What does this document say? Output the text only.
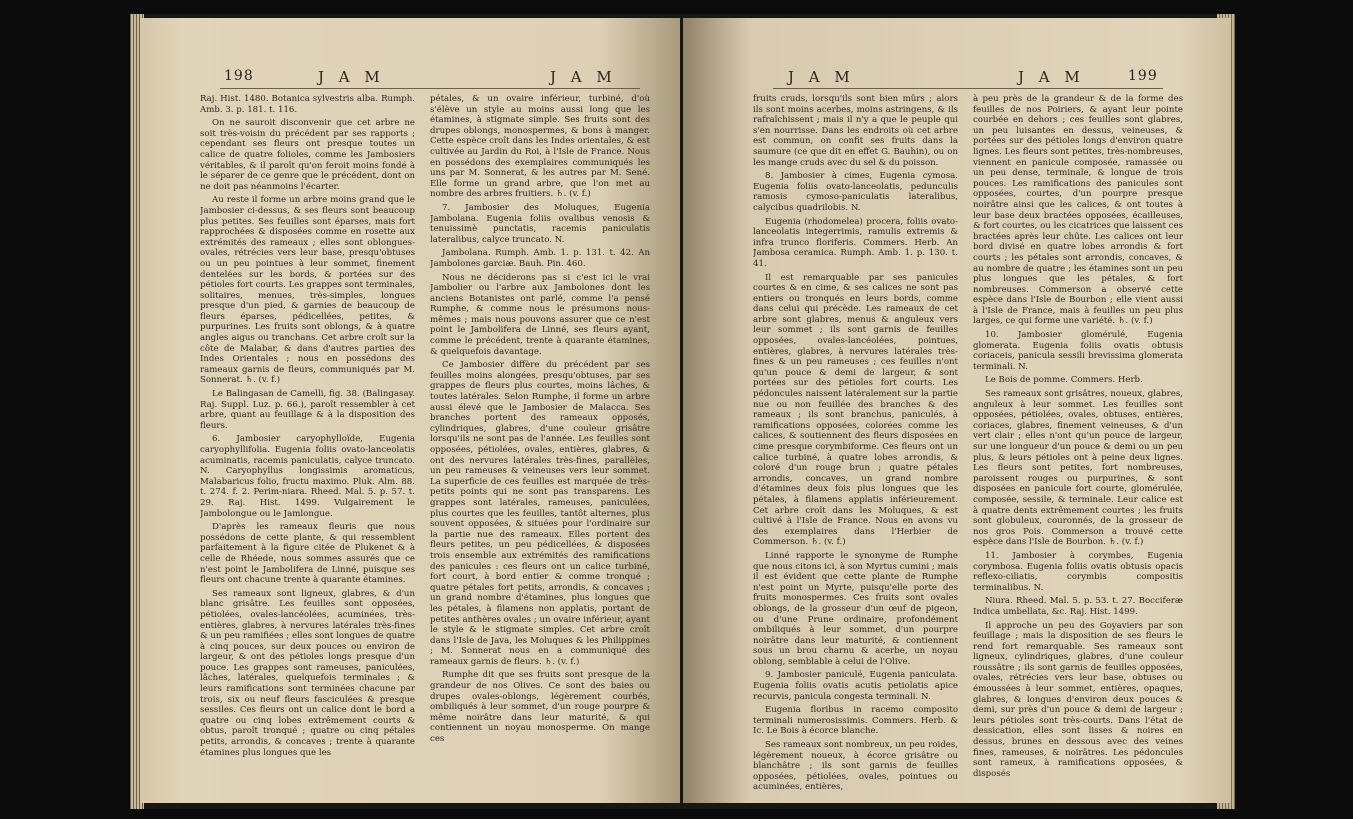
198	J A M	J A M

Raj. Hist. 1480. Botanica sylvestris alba. Rumph. Amb. 3. p. 181. t. 116.

On ne sauroit disconvenir que cet arbre ne soit très-voisin du précédent par ses rapports ; cependant ses fleurs ont presque toutes un calice de quatre folioles, comme les Jambosiers véritables, & il paroît qu'on feroit moins fondé à le séparer de ce genre que le précédent, dont on ne doit pas néanmoins l'écarter.

Au reste il forme un arbre moins grand que le Jambosier ci-dessus, & ses fleurs sont beaucoup plus petites. Ses feuilles sont éparses, mais fort rapprochées & disposées comme en rosette aux extrémités des rameaux ; elles sont oblongues-ovales, rétrécies vers leur base, presqu'obtuses ou un peu pointues à leur sommet, finement dentelées sur les bords, & portées sur des pétioles fort courts. Les grappes sont terminales, solitaires, menues, très-simples, longues presque d'un pied, & garnies de beaucoup de fleurs éparses, pédicellées, petites, & purpurines. Les fruits sont oblongs, & à quatre angles aigus ou tranchans. Cet arbre croît sur la côte de Malabar, & dans d'autres parties des Indes Orientales ; nous en possédons des rameaux garnis de fleurs, communiqués par M. Sonnerat. ♄. (v. f.)

Le Balingasan de Camelli, fig. 38. (Balingasay. Raj. Suppl. Luz. p. 66.), paroît ressembler à cet arbre, quant au feuillage & à la disposition des fleurs.

6. Jambosier caryophylloïde, Eugenia caryophyllifolia. Eugenia foliis ovato-lanceolatis acuminatis, racemis paniculatis, calyce truncato. N. Caryophyllus longissimis aromaticus, Malabaricus folio, fructu maximo. Pluk. Alm. 88. t. 274. f. 2. Perim-niara. Rheed. Mal. 5. p. 57. t. 29. Raj. Hist. 1499. Vulgairement le Jambolongue ou le Jamlongue.

D'après les rameaux fleuris que nous possédons de cette plante, & qui ressemblent parfaitement à la figure citée de Plukenet & à celle de Rhéede, nous sommes assurés que ce n'est point le Jambolifera de Linné, puisque ses fleurs ont chacune trente à quarante étamines.

Ses rameaux sont ligneux, glabres, & d'un blanc grisâtre. Les feuilles sont opposées, pétiolées, ovales-lancéolées, acuminées, très-entières, glabres, à nervures latérales très-fines & un peu ramifiées ; elles sont longues de quatre à cinq pouces, sur deux pouces ou environ de largeur, & ont des pétioles longs presque d'un pouce. Les grappes sont rameuses, paniculées, lâches, latérales, quelquefois terminales ; & leurs ramifications sont terminées chacune par trois, six ou neuf fleurs fasciculées & presque sessiles. Ces fleurs ont un calice dont le bord a quatre ou cinq lobes extrêmement courts & obtus, paroît tronqué ; quatre ou cinq pétales petits, arrondis, & concaves ; trente à quarante étamines plus longues que les

pétales, & un ovaire inférieur, turbiné, d'où s'élève un style au moins aussi long que les étamines, à stigmate simple. Ses fruits sont des drupes oblongs, monospermes, & bons à manger. Cette espèce croît dans les Indes orientales, & est cultivée au Jardin du Roi, à l'Isle de France. Nous en possédons des exemplaires communiqués les uns par M. Sonnerat, & les autres par M. Sené. Elle forme un grand arbre, que l'on met au nombre des arbres fruitiers. ♄. (v. f.)

7. Jambosier des Moluques, Eugenia Jambolana. Eugenia foliis ovalibus venosis & tenuissimè punctatis, racemis paniculatis lateralibus, calyce truncato. N.

Jambolana. Rumph. Amb. 1. p. 131. t. 42. An Jambolones garciæ. Bauh. Pin. 460.

Nous ne déciderons pas si c'est ici le vrai Jambolier ou l'arbre aux Jambolones dont les anciens Botanistes ont parlé, comme l'a pensé Rumphe, & comme nous le présumons nous-mêmes ; mais nous pouvons assurer que ce n'est point le Jambolifera de Linné, ses fleurs ayant, comme le précédent, trente à quarante étamines, & quelquefois davantage.

Ce Jambosier diffère du précédent par ses feuilles moins alongées, presqu'obtuses, par ses grappes de fleurs plus courtes, moins lâches, & toutes latérales. Selon Rumphe, il forme un arbre aussi élevé que le Jambosier de Malacca. Ses branches portent des rameaux opposés, cylindriques, glabres, d'une couleur grisâtre lorsqu'ils ne sont pas de l'année. Les feuilles sont opposées, pétiolées, ovales, entières, glabres, & ont des nervures latérales très-fines, parallèles, un peu rameuses & veineuses vers leur sommet. La superficie de ces feuilles est marquée de très-petits points qui ne sont pas transparens. Les grappes sont latérales, rameuses, paniculées, plus courtes que les feuilles, tantôt alternes, plus souvent opposées, & situées pour l'ordinaire sur la partie nue des rameaux. Elles portent des fleurs petites, un peu pédicellées, & disposées trois ensemble aux extrémités des ramifications des panicules : ces fleurs ont un calice turbiné, fort court, à bord entier & comme tronqué ; quatre pétales fort petits, arrondis, & concaves ; un grand nombre d'étamines, plus longues que les pétales, à filamens non applatis, portant de petites anthères ovales ; un ovaire inférieur, ayant le style & le stigmate simples. Cet arbre croît dans l'Isle de Java, les Moluques & les Philippines ; M. Sonnerat nous en a communiqué des rameaux garnis de fleurs. ♄. (v. f.)

Rumphe dit que ses fruits sont presque de la grandeur de nos Olives. Ce sont des baies ou drupes ovales-oblongs, légèrement courbés, ombiliqués à leur sommet, d'un rouge pourpre & même noirâtre dans leur maturité, & qui contiennent un noyau monosperme. On mange ces

J A M	J A M	199

fruits cruds, lorsqu'ils sont bien mûrs ; alors ils sont moins acerbes, moins astringens, & ils rafraîchissent ; mais il n'y a que le peuple qui s'en nourrisse. Dans les endroits où cet arbre est commun, on confit ses fruits dans la saumure (ce que dit en effet G. Bauhin), ou on les mange cruds avec du sel & du poisson.

8. Jambosier à cimes, Eugenia cymosa. Eugenia foliis ovato-lanceolatis, pedunculis ramosis cymoso-paniculatis lateralibus, calycibus quadrilobis. N.

Eugenia (rhodomelea) procera, foliis ovato-lanceolatis integerrimis, ramulis extremis & infra trunco floriferis. Commers. Herb. An Jambosa ceramica. Rumph. Amb. 1. p. 130. t. 41.

Il est remarquable par ses panicules courtes & en cime, & ses calices ne sont pas entiers ou tronqués en leurs bords, comme dans celui qui précède. Les rameaux de cet arbre sont glabres, menus & anguleux vers leur sommet ; ils sont garnis de feuilles opposées, ovales-lancéolées, pointues, entières, glabres, à nervures latérales très-fines & un peu rameuses ; ces feuilles n'ont qu'un pouce & demi de largeur, & sont portées sur des pétioles fort courts. Les pédoncules naissent latéralement sur la partie nue ou non feuillée des branches & des rameaux ; ils sont branchus, paniculés, à ramifications opposées, colorées comme les calices, & soutiennent des fleurs disposées en cime presque corymbiforme. Ces fleurs ont un calice turbiné, à quatre lobes arrondis, & coloré d'un rouge brun ; quatre pétales arrondis, concaves, un grand nombre d'étamines deux fois plus longues que les pétales, à filamens applatis inférieurement. Cet arbre croît dans les Moluques, & est cultivé à l'Isle de France. Nous en avons vu des exemplaires dans l'Herbier de Commerson. ♄. (v. f.)

Linné rapporte le synonyme de Rumphe que nous citons ici, à son Myrtus cumini ; mais il est évident que cette plante de Rumphe n'est point un Myrte, puisqu'elle porte des fruits monospermes. Ces fruits sont ovales oblongs, de la grosseur d'un œuf de pigeon, ou d'une Prune ordinaire, profondément ombiliqués à leur sommet, d'un pourpre noirâtre dans leur maturité, & contiennent sous un brou charnu & acerbe, un noyau oblong, semblable à celui de l'Olive.

9. Jambosier paniculé, Eugenia paniculata. Eugenia foliis ovatis acutis petiolatis apice recurvis, panicula congesta terminali. N.

Eugenia floribus in racemo composito terminali numerosissimis. Commers. Herb. & Ic. Le Bois à écorce blanche.

Ses rameaux sont nombreux, un peu roides, légèrement noueux, à écorce grisâtre ou blanchâtre ; ils sont garnis de feuilles opposées, pétiolées, ovales, pointues ou acuminées, entières,

à peu près de la grandeur & de la forme des feuilles de nos Poiriers, & ayant leur pointe courbée en dehors ; ces feuilles sont glabres, un peu luisantes en dessus, veineuses, & portées sur des pétioles longs d'environ quatre lignes. Les fleurs sont petites, très-nombreuses, viennent en panicule composée, ramassée ou un peu dense, terminale, & longue de trois pouces. Les ramifications des panicules sont opposées, courtes, d'un pourpre presque noirâtre ainsi que les calices, & ont toutes à leur base deux bractées opposées, écailleuses, & fort courtes, ou les cicatrices que laissent ces bractées après leur chûte. Les calices ont leur bord divisé en quatre lobes arrondis & fort courts ; les pétales sont arrondis, concaves, & au nombre de quatre ; les étamines sont un peu plus longues que les pétales, & fort nombreuses. Commerson a observé cette espèce dans l'Isle de Bourbon ; elle vient aussi à l'Isle de France, mais à feuilles un peu plus larges, ce qui forme une variété. ♄. (v. f.)

10. Jambosier glomérulé, Eugenia glomerata. Eugenia foliis ovatis obtusis coriaceis, panicula sessili brevissima glomerata terminali. N.

Le Bois de pomme. Commers. Herb.

Ses rameaux sont grisâtres, noueux, glabres, anguleux à leur sommet. Les feuilles sont opposées, pétiolées, ovales, obtuses, entières, coriaces, glabres, finement veineuses, & d'un vert clair ; elles n'ont qu'un pouce de largeur, sur une longueur d'un pouce & demi ou un peu plus, & leurs pétioles ont à peine deux lignes. Les fleurs sont petites, fort nombreuses, paroissent rouges ou purpurines, & sont disposées en panicule fort courte, glomérulée, composée, sessile, & terminale. Leur calice est à quatre dents extrêmement courtes ; les fruits sont globuleux, couronnés, de la grosseur de nos gros Pois. Commerson a trouvé cette espèce dans l'Isle de Bourbon. ♄. (v. f.)

11. Jambosier à corymbes, Eugenia corymbosa. Eugenia foliis ovatis obtusis opacis reflexo-ciliatis, corymbis compositis terminalibus. N.

Niura. Rheed. Mal. 5. p. 53. t. 27. Bocciferæ Indica umbellata, &c. Raj. Hist. 1499.

Il approche un peu des Goyaviers par son feuillage ; mais la disposition de ses fleurs le rend fort remarquable. Ses rameaux sont ligneux, cylindriques, glabres, d'une couleur roussâtre ; ils sont garnis de feuilles opposées, ovales, rétrécies vers leur base, obtuses ou émoussées à leur sommet, entières, opaques, glabres, & longues d'environ deux pouces & demi, sur près d'un pouce & demi de largeur ; leurs pétioles sont très-courts. Dans l'état de dessication, elles sont lisses & noires en dessus, brunes en dessous avec des veines fines, rameuses, & noirâtres. Les pédoncules sont rameux, à ramifications opposées, & disposés
